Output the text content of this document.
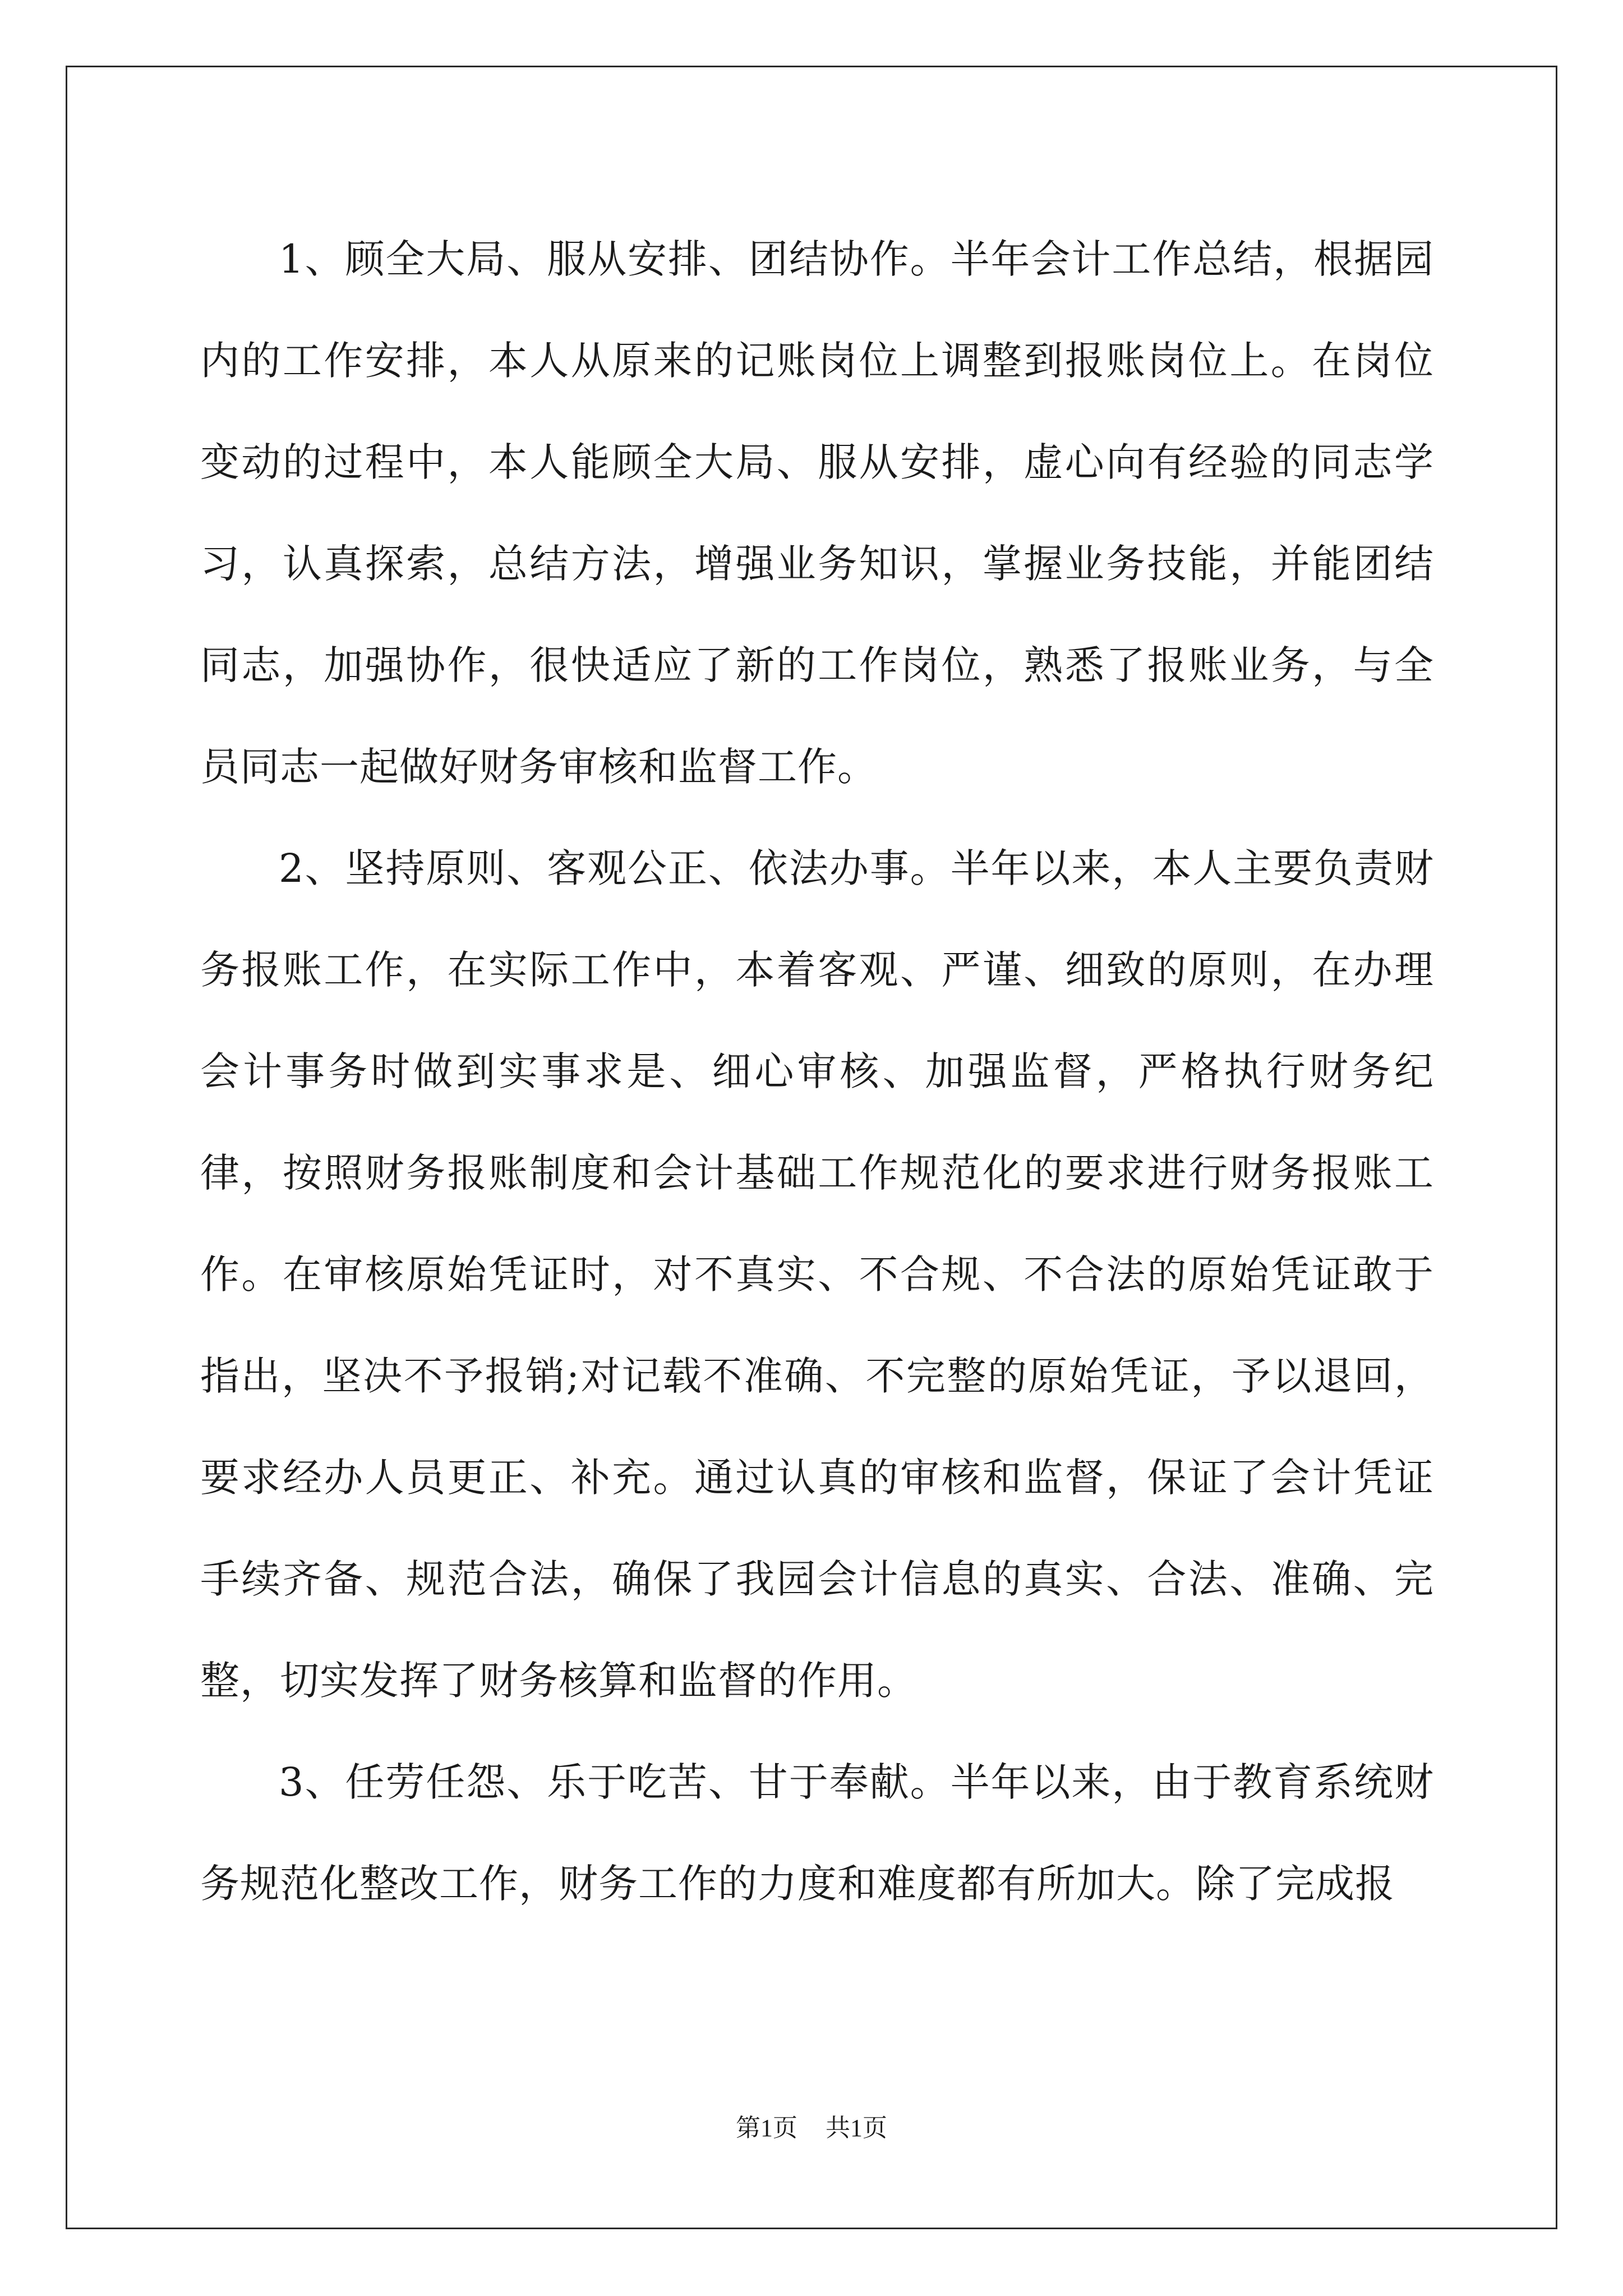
1、顾全大局、服从安排、团结协作。半年会计工作总结，根据园内的工作安排，本人从原来的记账岗位上调整到报账岗位上。在岗位变动的过程中，本人能顾全大局、服从安排，虚心向有经验的同志学习，认真探索，总结方法，增强业务知识，掌握业务技能，并能团结同志，加强协作，很快适应了新的工作岗位，熟悉了报账业务，与全员同志一起做好财务审核和监督工作。

2、坚持原则、客观公正、依法办事。半年以来，本人主要负责财务报账工作，在实际工作中，本着客观、严谨、细致的原则，在办理会计事务时做到实事求是、细心审核、加强监督，严格执行财务纪律，按照财务报账制度和会计基础工作规范化的要求进行财务报账工作。在审核原始凭证时，对不真实、不合规、不合法的原始凭证敢于指出，坚决不予报销;对记载不准确、不完整的原始凭证，予以退回，要求经办人员更正、补充。通过认真的审核和监督，保证了会计凭证手续齐备、规范合法，确保了我园会计信息的真实、合法、准确、完整，切实发挥了财务核算和监督的作用。

3、任劳任怨、乐于吃苦、甘于奉献。半年以来，由于教育系统财务规范化整改工作，财务工作的力度和难度都有所加大。除了完成报

第1页 共1页
